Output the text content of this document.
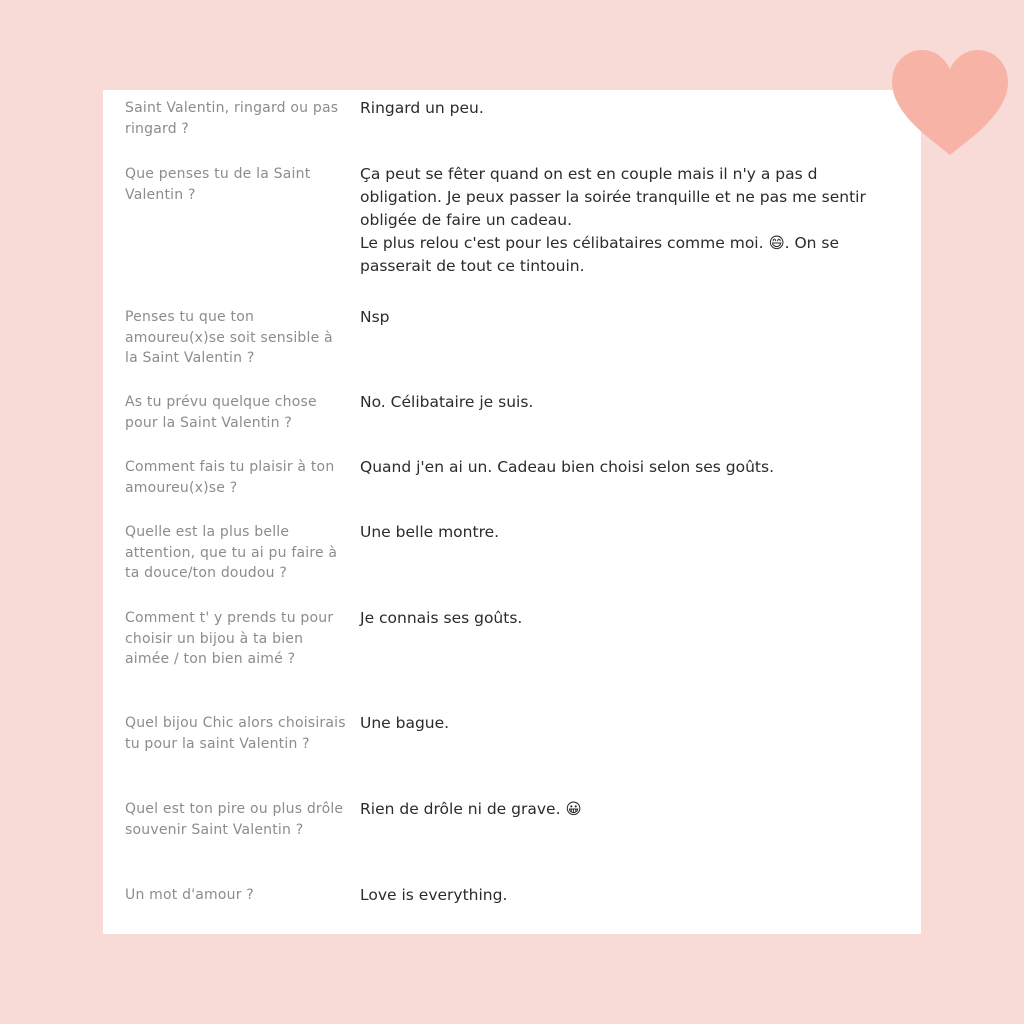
Saint Valentin, ringard ou pas ringard ?
Ringard un peu.
Que penses tu de la Saint Valentin ?
Ça peut se fêter quand on est en couple mais il n'y a pas d obligation. Je peux passer la soirée tranquille et ne pas me sentir obligée de faire un cadeau.
Le plus relou c'est pour les célibataires comme moi. 😄. On se passerait de tout ce tintouin.
Penses tu que ton amoureu(x)se soit sensible à la Saint Valentin ?
Nsp
As tu prévu quelque chose pour la Saint Valentin ?
No. Célibataire je suis.
Comment fais tu plaisir à ton amoureu(x)se ?
Quand j'en ai un. Cadeau bien choisi selon ses goûts.
Quelle est la plus belle attention, que tu ai pu faire à ta douce/ton doudou ?
Une belle montre.
Comment t' y prends tu pour choisir un bijou à ta bien aimée / ton bien aimé ?
Je connais ses goûts.
Quel bijou Chic alors choisirais tu pour la saint Valentin ?
Une bague.
Quel est ton pire ou plus drôle souvenir Saint Valentin ?
Rien de drôle ni de grave. 😀
Un mot d'amour ?	Love is everything.
